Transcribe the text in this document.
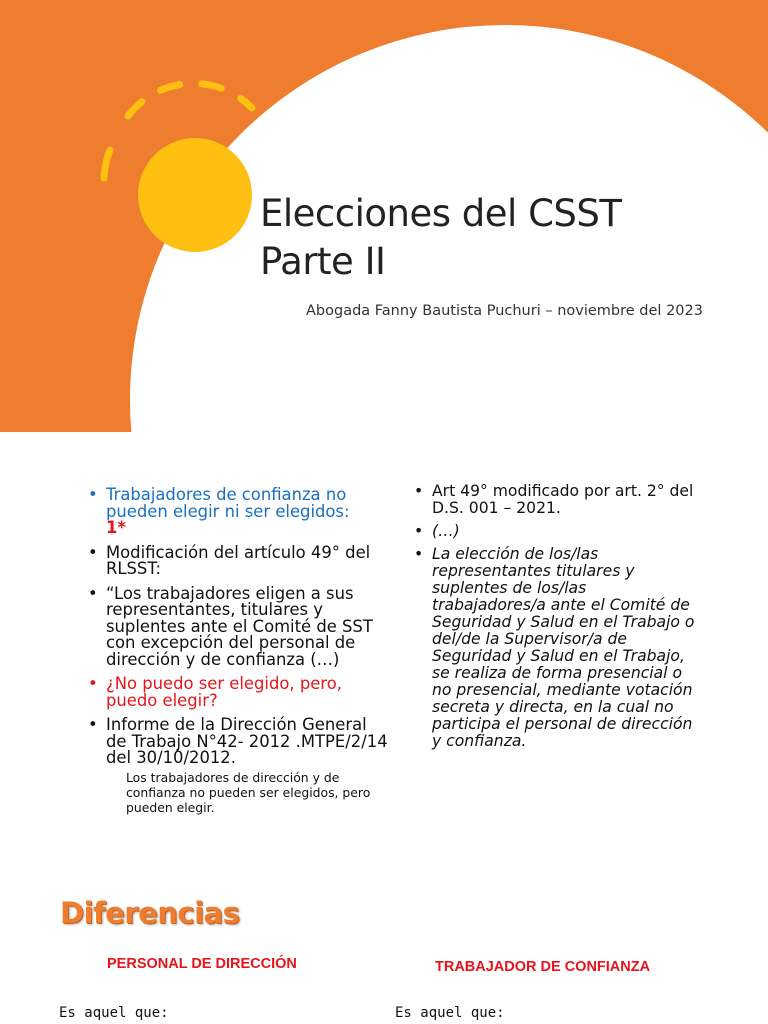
Elecciones del CSST
Parte II
Abogada Fanny Bautista Puchuri – noviembre del 2023
• Trabajadores de confianza no pueden elegir ni ser elegidos:
1*
• Modificación del artículo 49° del RLSST:
• “Los trabajadores eligen a sus representantes, titulares y suplentes ante el Comité de SST con excepción del personal de dirección y de confianza (…)
• ¿No puedo ser elegido, pero, puedo elegir?
• Informe de la Dirección General de Trabajo N°42- 2012 .MTPE/2/14 del 30/10/2012.
Los trabajadores de dirección y de confianza no pueden ser elegidos, pero pueden elegir.
• Art 49° modificado por art. 2° del D.S. 001 – 2021.
• (…)
• La elección de los/las representantes titulares y suplentes de los/las trabajadores/a ante el Comité de Seguridad y Salud en el Trabajo o del/de la Supervisor/a de Seguridad y Salud en el Trabajo, se realiza de forma presencial o no presencial, mediante votación secreta y directa, en la cual no participa el personal de dirección y confianza.
Diferencias
PERSONAL DE DIRECCIÓN	TRABAJADOR DE CONFIANZA
Es aquel que:	Es aquel que:
